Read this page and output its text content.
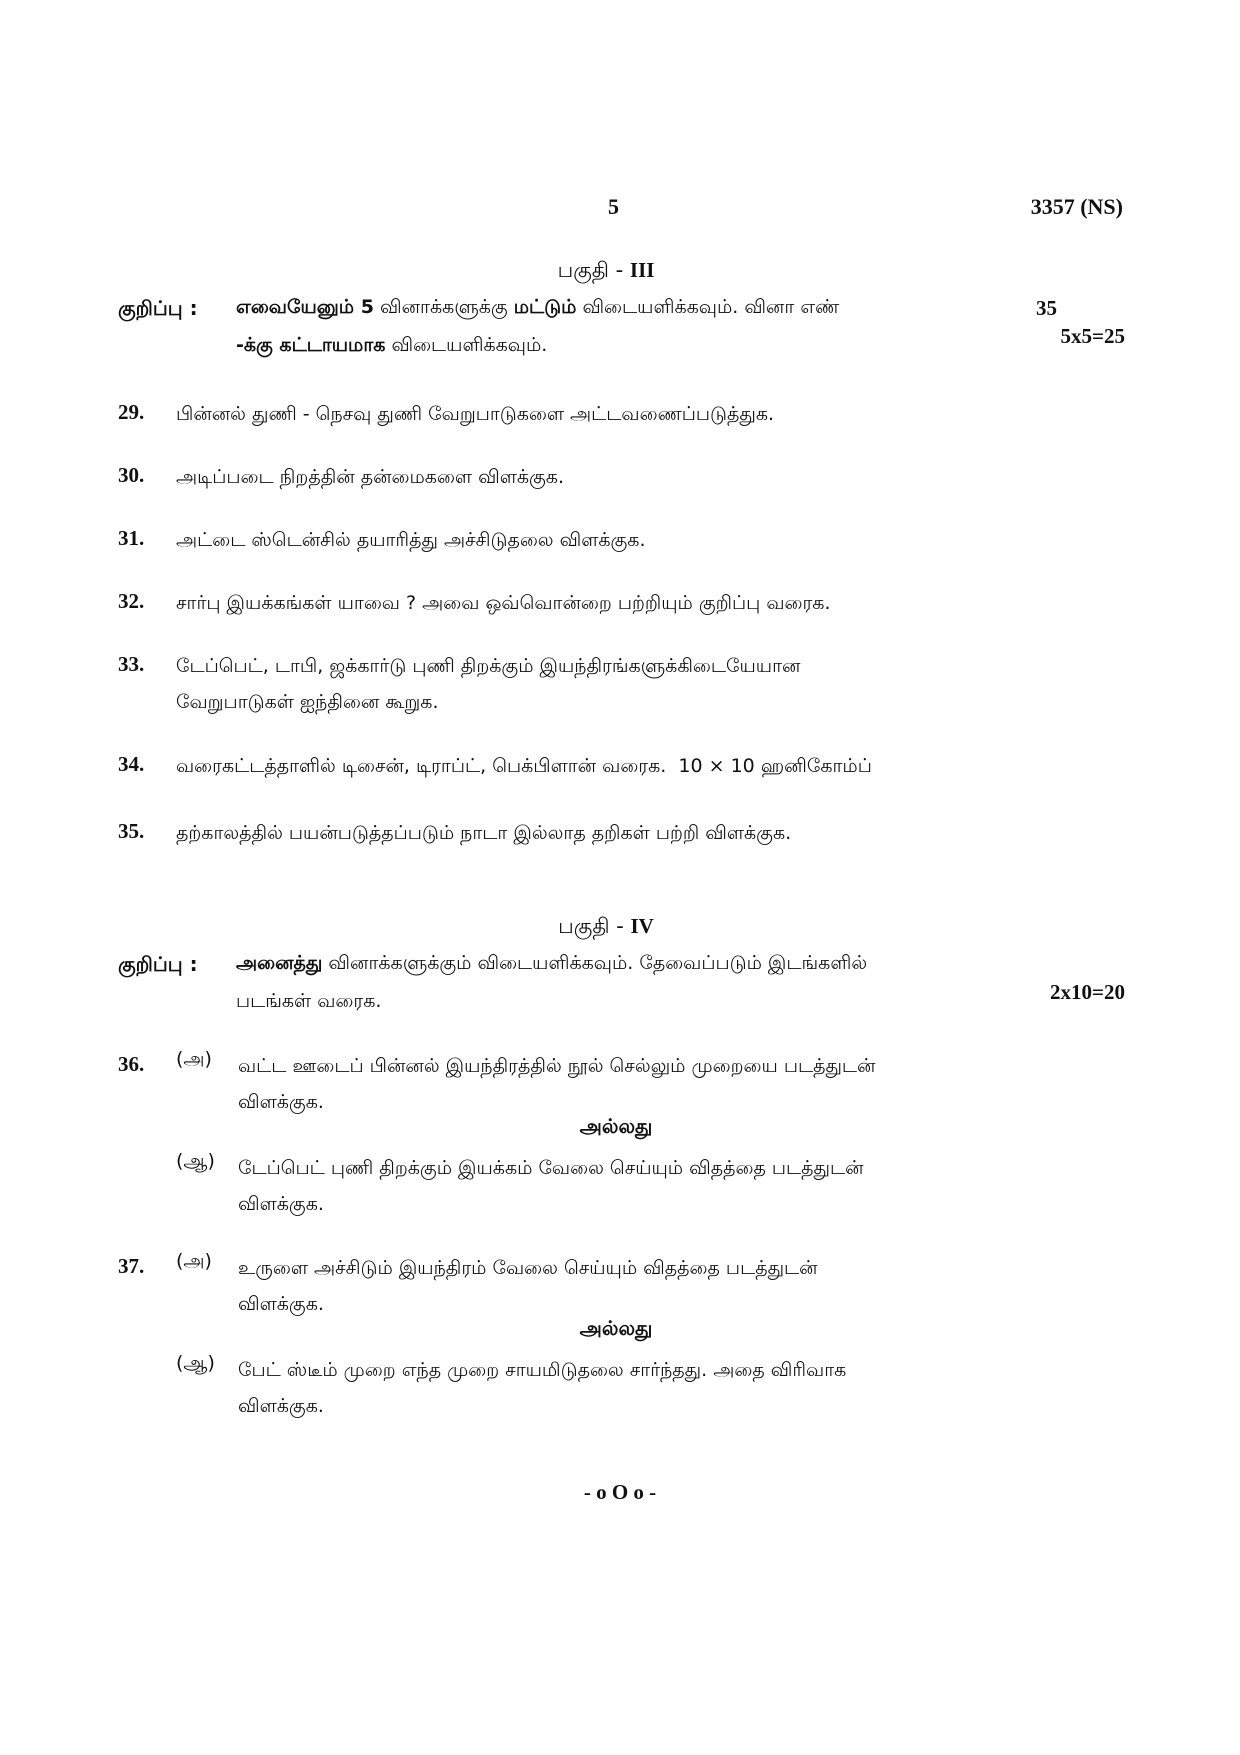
5	3357 (NS)
பகுதி - III
குறிப்பு : எவையேனும் 5 வினாக்களுக்கு மட்டும் விடையளிக்கவும். வினா எண்
-க்கு கட்டாயமாக விடையளிக்கவும்.
35
5x5=25
29. பின்னல் துணி - நெசவு துணி வேறுபாடுகளை அட்டவணைப்படுத்துக.
30. அடிப்படை நிறத்தின் தன்மைகளை விளக்குக.
31. அட்டை ஸ்டென்சில் தயாரித்து அச்சிடுதலை விளக்குக.
32. சார்பு இயக்கங்கள் யாவை ? அவை ஒவ்வொன்றை பற்றியும் குறிப்பு வரைக.
33. டேப்பெட், டாபி, ஜக்கார்டு புணி திறக்கும் இயந்திரங்களுக்கிடையேயான
வேறுபாடுகள் ஐந்தினை கூறுக.
34. வரைகட்டத்தாளில் டிசைன், டிராப்ட், பெக்பிளான் வரைக. 10 × 10 ஹனிகோம்ப்
35. தற்காலத்தில் பயன்படுத்தப்படும் நாடா இல்லாத தறிகள் பற்றி விளக்குக.
பகுதி - IV
குறிப்பு : அனைத்து வினாக்களுக்கும் விடையளிக்கவும். தேவைப்படும் இடங்களில்
படங்கள் வரைக.	2x10=20
36. (அ) வட்ட ஊடைப் பின்னல் இயந்திரத்தில் நூல் செல்லும் முறையை படத்துடன்
விளக்குக.
அல்லது
(ஆ) டேப்பெட் புணி திறக்கும் இயக்கம் வேலை செய்யும் விதத்தை படத்துடன்
விளக்குக.
37. (அ) உருளை அச்சிடும் இயந்திரம் வேலை செய்யும் விதத்தை படத்துடன்
விளக்குக.
அல்லது
(ஆ) பேட் ஸ்டீம் முறை எந்த முறை சாயமிடுதலை சார்ந்தது. அதை விரிவாக
விளக்குக.
- o O o -
